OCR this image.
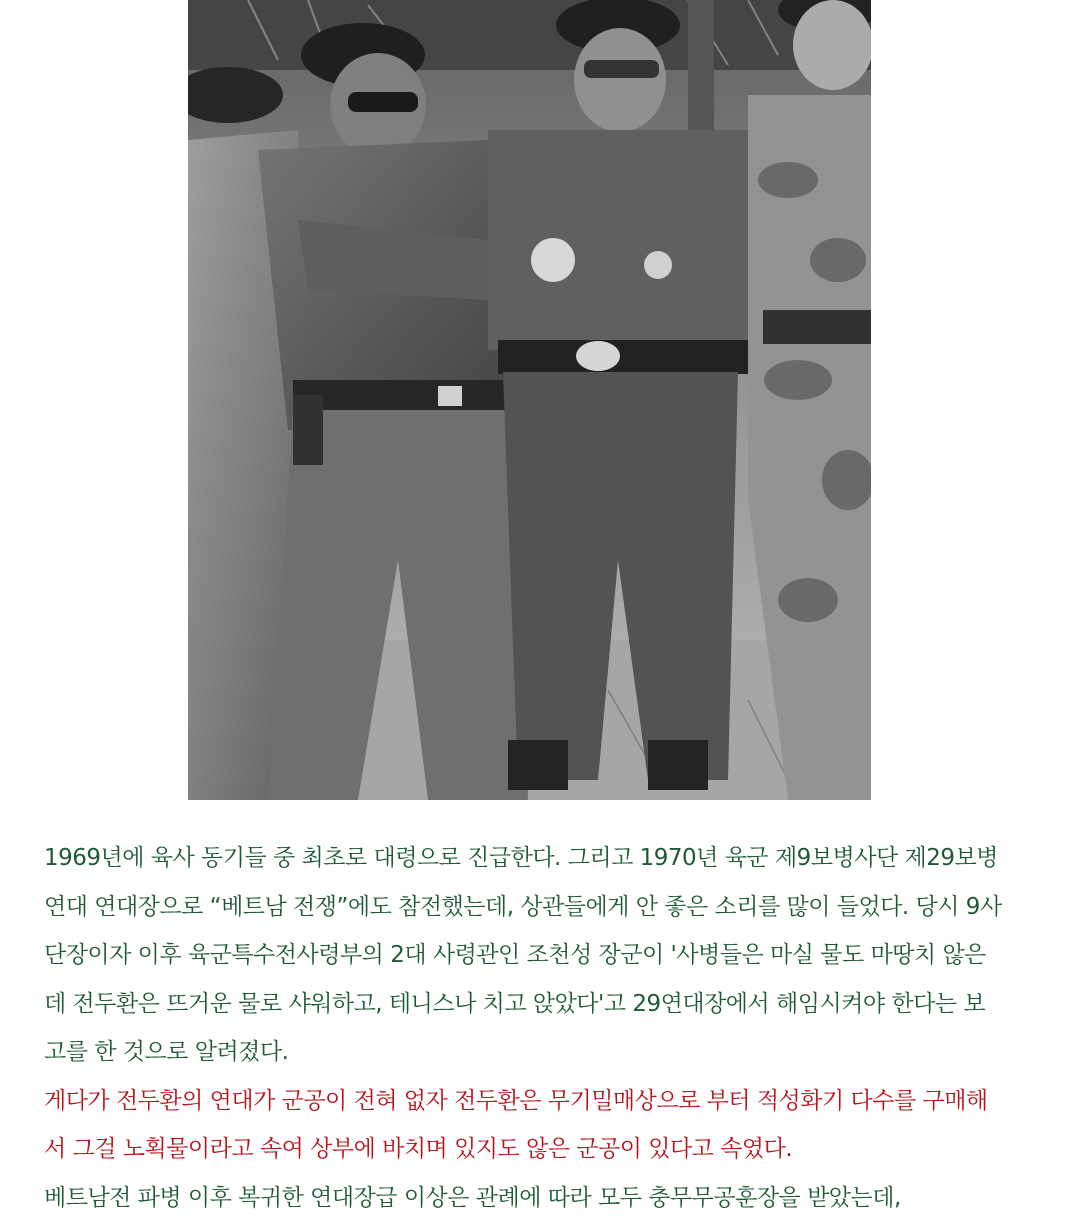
1969년에 육사 동기들 중 최초로 대령으로 진급한다. 그리고 1970년 육군 제9보병사단 제29보병
연대 연대장으로 “베트남 전쟁”에도 참전했는데, 상관들에게 안 좋은 소리를 많이 들었다. 당시 9사
단장이자 이후 육군특수전사령부의 2대 사령관인 조천성 장군이 '사병들은 마실 물도 마땅치 않은
데 전두환은 뜨거운 물로 샤워하고, 테니스나 치고 앉았다'고 29연대장에서 해임시켜야 한다는 보
고를 한 것으로 알려졌다.

게다가 전두환의 연대가 군공이 전혀 없자 전두환은 무기밀매상으로 부터 적성화기 다수를 구매해
서 그걸 노획물이라고 속여 상부에 바치며 있지도 않은 군공이 있다고 속였다.

베트남전 파병 이후 복귀한 연대장급 이상은 관례에 따라 모두 충무무공훈장을 받았는데,
